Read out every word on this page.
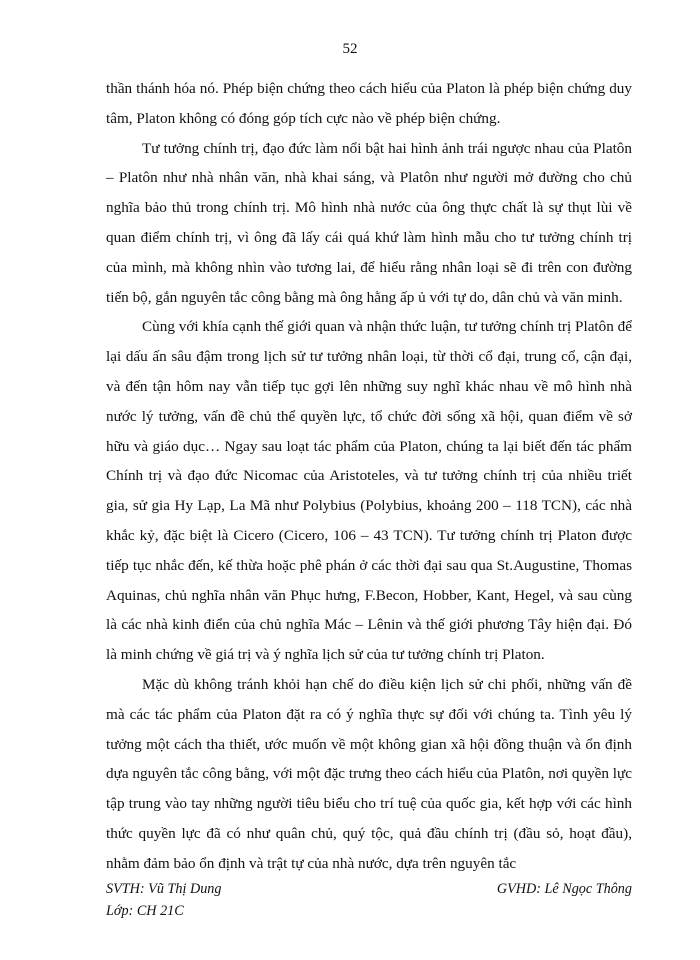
52

thần thánh hóa nó. Phép biện chứng theo cách hiểu của Platon là phép biện chứng duy tâm, Platon không có đóng góp tích cực nào về phép biện chứng.

Tư tưởng chính trị, đạo đức làm nổi bật hai hình ảnh trái ngược nhau của Platôn – Platôn như nhà nhân văn, nhà khai sáng, và Platôn như người mở đường cho chủ nghĩa bảo thủ trong chính trị. Mô hình nhà nước của ông thực chất là sự thụt lùi về quan điểm chính trị, vì ông đã lấy cái quá khứ làm hình mẫu cho tư tưởng chính trị của mình, mà không nhìn vào tương lai, để hiểu rằng nhân loại sẽ đi trên con đường tiến bộ, gắn nguyên tắc công bằng mà ông hằng ấp ủ với tự do, dân chủ và văn minh.

Cùng với khía cạnh thế giới quan và nhận thức luận, tư tưởng chính trị Platôn để lại dấu ấn sâu đậm trong lịch sử tư tưởng nhân loại, từ thời cổ đại, trung cổ, cận đại, và đến tận hôm nay vẫn tiếp tục gợi lên những suy nghĩ khác nhau về mô hình nhà nước lý tưởng, vấn đề chủ thể quyền lực, tổ chức đời sống xã hội, quan điểm về sở hữu và giáo dục… Ngay sau loạt tác phẩm của Platon, chúng ta lại biết đến tác phẩm Chính trị và đạo đức Nicomac của Aristoteles, và tư tưởng chính trị của nhiều triết gia, sử gia Hy Lạp, La Mã như Polybius (Polybius, khoảng 200 – 118 TCN), các nhà khắc kỷ, đặc biệt là Cicero (Cicero, 106 – 43 TCN). Tư tưởng chính trị Platon được tiếp tục nhắc đến, kế thừa hoặc phê phán ở các thời đại sau qua St.Augustine, Thomas Aquinas, chủ nghĩa nhân văn Phục hưng, F.Becon, Hobber, Kant, Hegel, và sau cùng là các nhà kinh điển của chủ nghĩa Mác – Lênin và thế giới phương Tây hiện đại. Đó là minh chứng về giá trị và ý nghĩa lịch sử của tư tưởng chính trị Platon.

Mặc dù không tránh khỏi hạn chế do điều kiện lịch sử chi phối, những vấn đề mà các tác phẩm của Platon đặt ra có ý nghĩa thực sự đối với chúng ta. Tình yêu lý tưởng một cách tha thiết, ước muốn về một không gian xã hội đồng thuận và ổn định dựa nguyên tắc công bằng, với một đặc trưng theo cách hiểu của Platôn, nơi quyền lực tập trung vào tay những người tiêu biểu cho trí tuệ của quốc gia, kết hợp với các hình thức quyền lực đã có như quân chủ, quý tộc, quả đầu chính trị (đầu sỏ, hoạt đầu), nhằm đảm bảo ổn định và trật tự của nhà nước, dựa trên nguyên tắc

SVTH: Vũ Thị Dung	GVHD: Lê Ngọc Thông
Lớp: CH 21C
